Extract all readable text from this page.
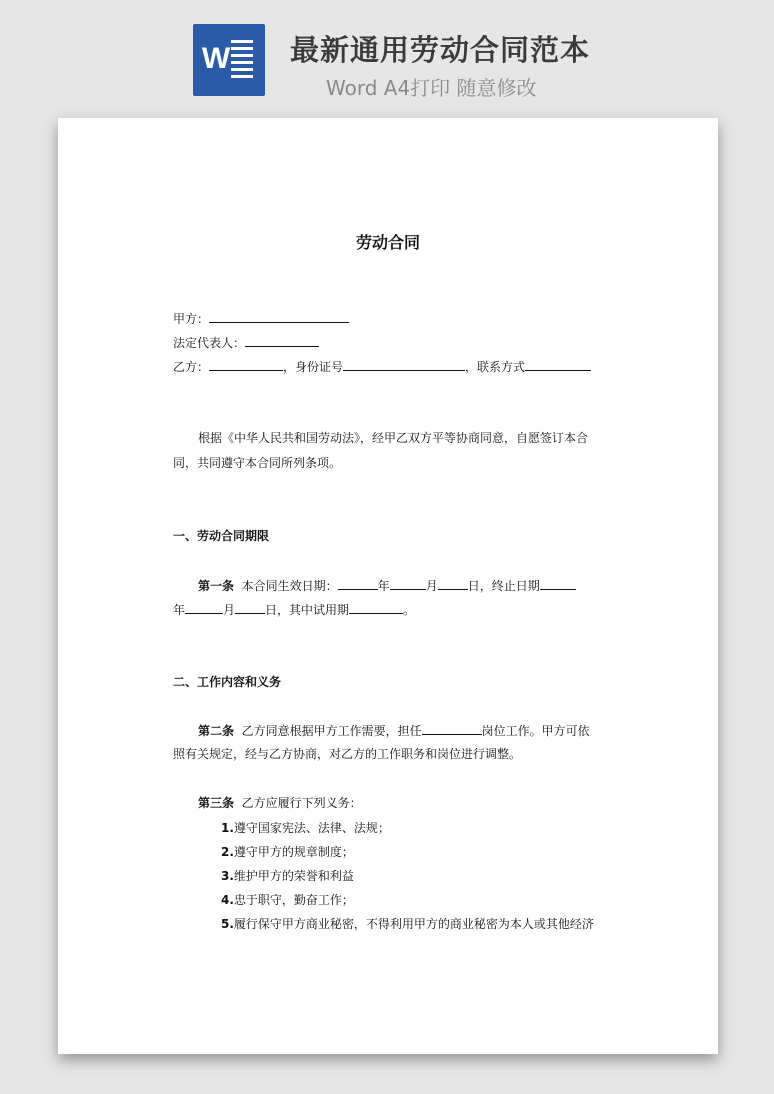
W 最新通用劳动合同范本
Word A4打印 随意修改
​
劳动合同
甲方：
法定代表人：
乙方：	，身份证号	，联系方式
根据《中华人民共和国劳动法》，经甲乙双方平等协商同意，自愿签订本合
同，共同遵守本合同所列条项。
一、劳动合同期限
第一条 本合同生效日期：	年	月	日，终止日期
年	月	日，其中试用期	。
二、工作内容和义务
第二条 乙方同意根据甲方工作需要，担任	岗位工作。甲方可依
照有关规定，经与乙方协商，对乙方的工作职务和岗位进行调整。
第三条 乙方应履行下列义务：
1.遵守国家宪法、法律、法规；
2.遵守甲方的规章制度；
3.维护甲方的荣誉和利益
4.忠于职守，勤奋工作；
5.履行保守甲方商业秘密，不得利用甲方的商业秘密为本人或其他经济
